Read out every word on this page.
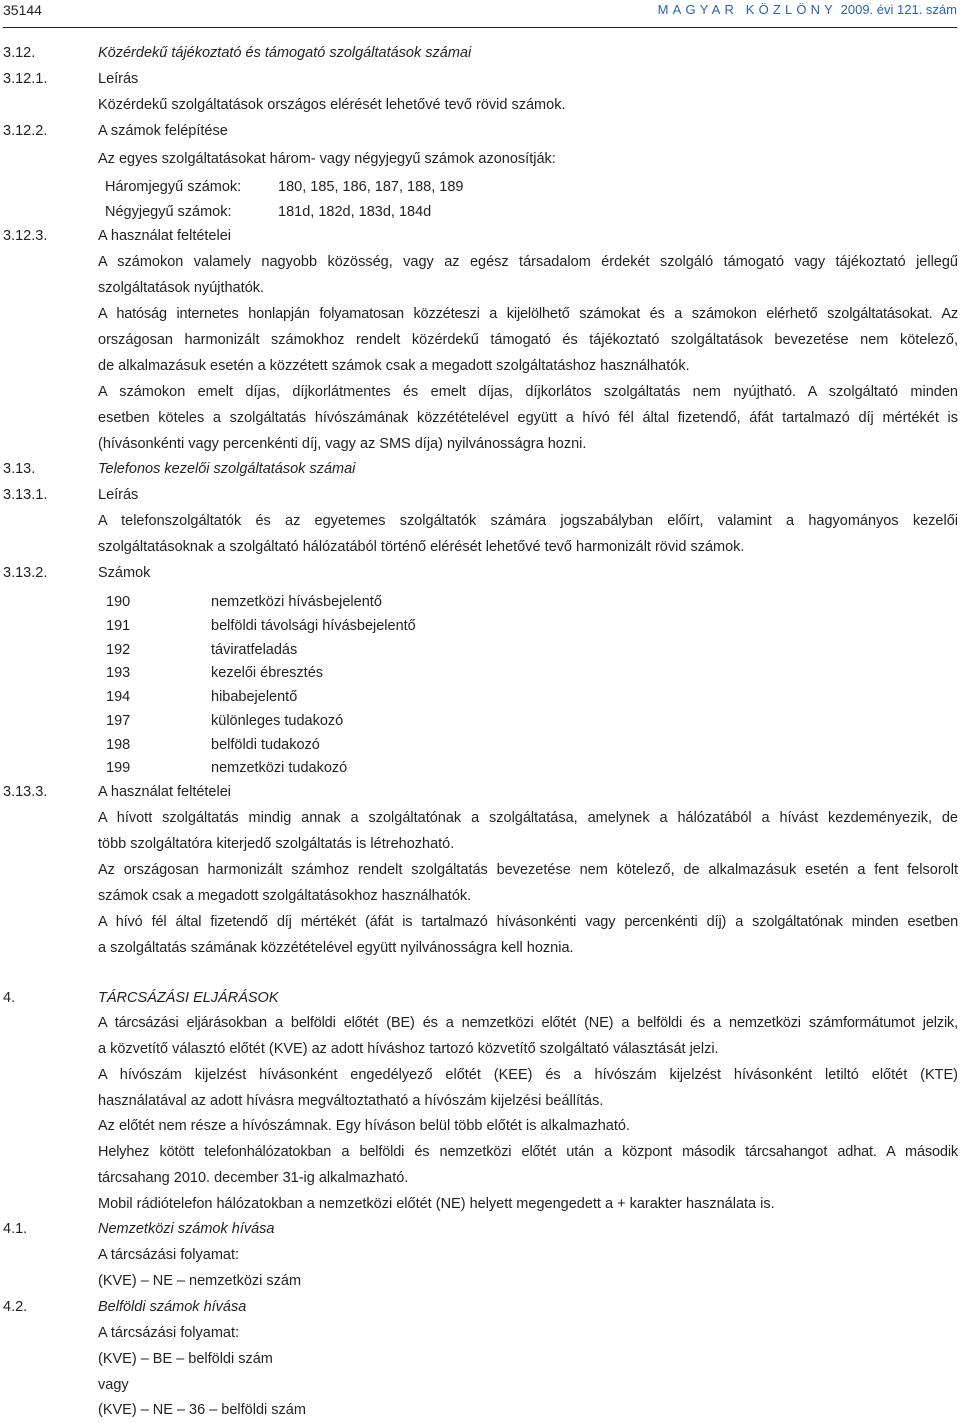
35144	MAGYAR KÖZLÖNY 2009. évi 121. szám
3.12.	Közérdekű tájékoztató és támogató szolgáltatások számai
3.12.1.	Leírás
Közérdekű szolgáltatások országos elérését lehetővé tevő rövid számok.
3.12.2.	A számok felépítése
Az egyes szolgáltatásokat három- vagy négyjegyű számok azonosítják:
Háromjegyű számok:	180, 185, 186, 187, 188, 189
Négyjegyű számok:	181d, 182d, 183d, 184d
3.12.3.	A használat feltételei
A számokon valamely nagyobb közösség, vagy az egész társadalom érdekét szolgáló támogató vagy tájékoztató jellegű
szolgáltatások nyújthatók.
A hatóság internetes honlapján folyamatosan közzéteszi a kijelölhető számokat és a számokon elérhető szolgáltatásokat. Az
országosan harmonizált számokhoz rendelt közérdekű támogató és tájékoztató szolgáltatások bevezetése nem kötelező,
de alkalmazásuk esetén a közzétett számok csak a megadott szolgáltatáshoz használhatók.
A számokon emelt díjas, díjkorlátmentes és emelt díjas, díjkorlátos szolgáltatás nem nyújtható. A szolgáltató minden
esetben köteles a szolgáltatás hívószámának közzétételével együtt a hívó fél által fizetendő, áfát tartalmazó díj mértékét is
(hívásonkénti vagy percenkénti díj, vagy az SMS díja) nyilvánosságra hozni.
3.13.	Telefonos kezelői szolgáltatások számai
3.13.1.	Leírás
A telefonszolgáltatók és az egyetemes szolgáltatók számára jogszabályban előírt, valamint a hagyományos kezelői
szolgáltatásoknak a szolgáltató hálózatából történő elérését lehetővé tevő harmonizált rövid számok.
3.13.2.	Számok
190	nemzetközi hívásbejelentő
191	belföldi távolsági hívásbejelentő
192	táviratfeladás
193	kezelői ébresztés
194	hibabejelentő
197	különleges tudakozó
198	belföldi tudakozó
199	nemzetközi tudakozó
3.13.3.	A használat feltételei
A hívott szolgáltatás mindig annak a szolgáltatónak a szolgáltatása, amelynek a hálózatából a hívást kezdeményezik, de
több szolgáltatóra kiterjedő szolgáltatás is létrehozható.
Az országosan harmonizált számhoz rendelt szolgáltatás bevezetése nem kötelező, de alkalmazásuk esetén a fent felsorolt
számok csak a megadott szolgáltatásokhoz használhatók.
A hívó fél által fizetendő díj mértékét (áfát is tartalmazó hívásonkénti vagy percenkénti díj) a szolgáltatónak minden esetben
a szolgáltatás számának közzétételével együtt nyilvánosságra kell hoznia.
4.	TÁRCSÁZÁSI ELJÁRÁSOK
A tárcsázási eljárásokban a belföldi előtét (BE) és a nemzetközi előtét (NE) a belföldi és a nemzetközi számformátumot jelzik,
a közvetítő választó előtét (KVE) az adott híváshoz tartozó közvetítő szolgáltató választását jelzi.
A hívószám kijelzést hívásonként engedélyező előtét (KEE) és a hívószám kijelzést hívásonként letiltó előtét (KTE)
használatával az adott hívásra megváltoztatható a hívószám kijelzési beállítás.
Az előtét nem része a hívószámnak. Egy híváson belül több előtét is alkalmazható.
Helyhez kötött telefonhálózatokban a belföldi és nemzetközi előtét után a központ második tárcsahangot adhat. A második
tárcsahang 2010. december 31-ig alkalmazható.
Mobil rádiótelefon hálózatokban a nemzetközi előtét (NE) helyett megengedett a + karakter használata is.
4.1.	Nemzetközi számok hívása
A tárcsázási folyamat:
(KVE) – NE – nemzetközi szám
4.2.	Belföldi számok hívása
A tárcsázási folyamat:
(KVE) – BE – belföldi szám
vagy
(KVE) – NE – 36 – belföldi szám
